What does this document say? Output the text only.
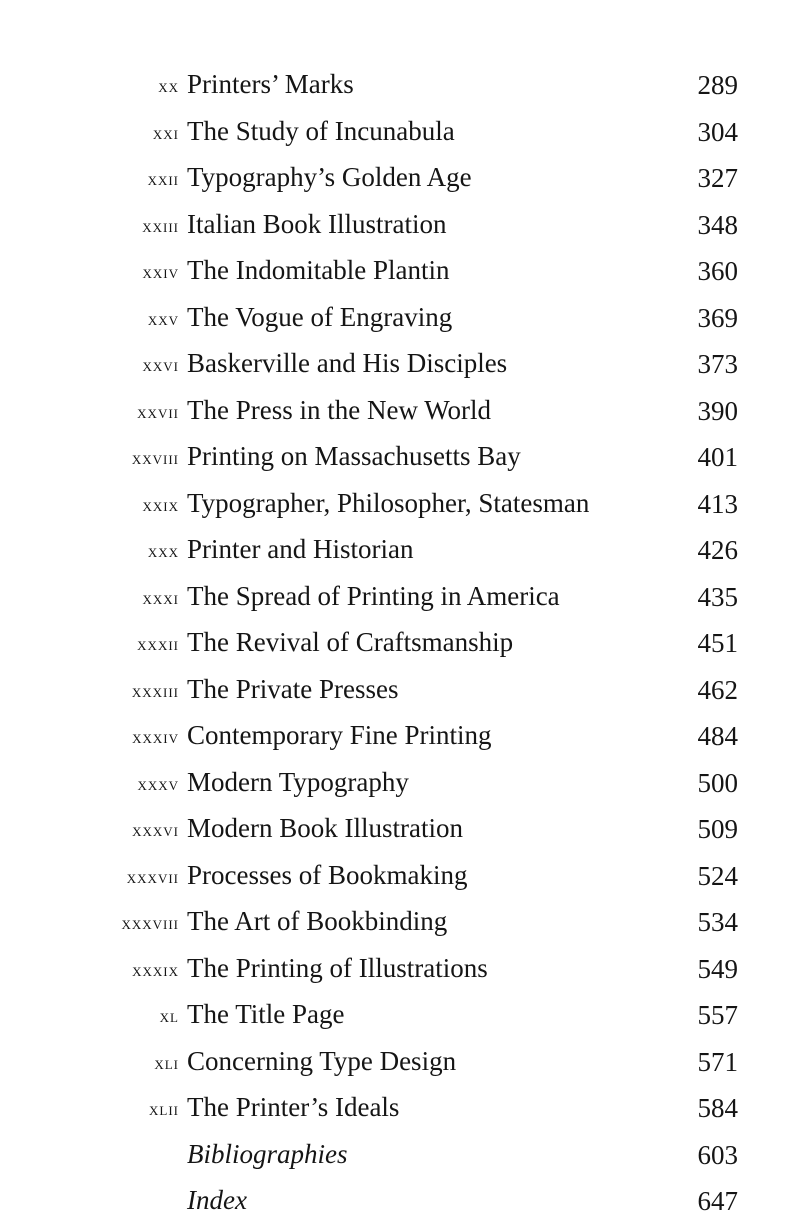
xx Printers’ Marks	289
xxi The Study of Incunabula	304
xxii Typography’s Golden Age	327
xxiii Italian Book Illustration	348
xxiv The Indomitable Plantin	360
xxv The Vogue of Engraving	369
xxvi Baskerville and His Disciples	373
xxvii The Press in the New World	390
xxviii Printing on Massachusetts Bay	401
xxix Typographer, Philosopher, Statesman	413
xxx Printer and Historian	426
xxxi The Spread of Printing in America	435
xxxii The Revival of Craftsmanship	451
xxxiii The Private Presses	462
xxxiv Contemporary Fine Printing	484
xxxv Modern Typography	500
xxxvi Modern Book Illustration	509
xxxvii Processes of Bookmaking	524
xxxviii The Art of Bookbinding	534
xxxix The Printing of Illustrations	549
xl The Title Page	557
xli Concerning Type Design	571
xlii The Printer’s Ideals	584
Bibliographies	603
Index	647
